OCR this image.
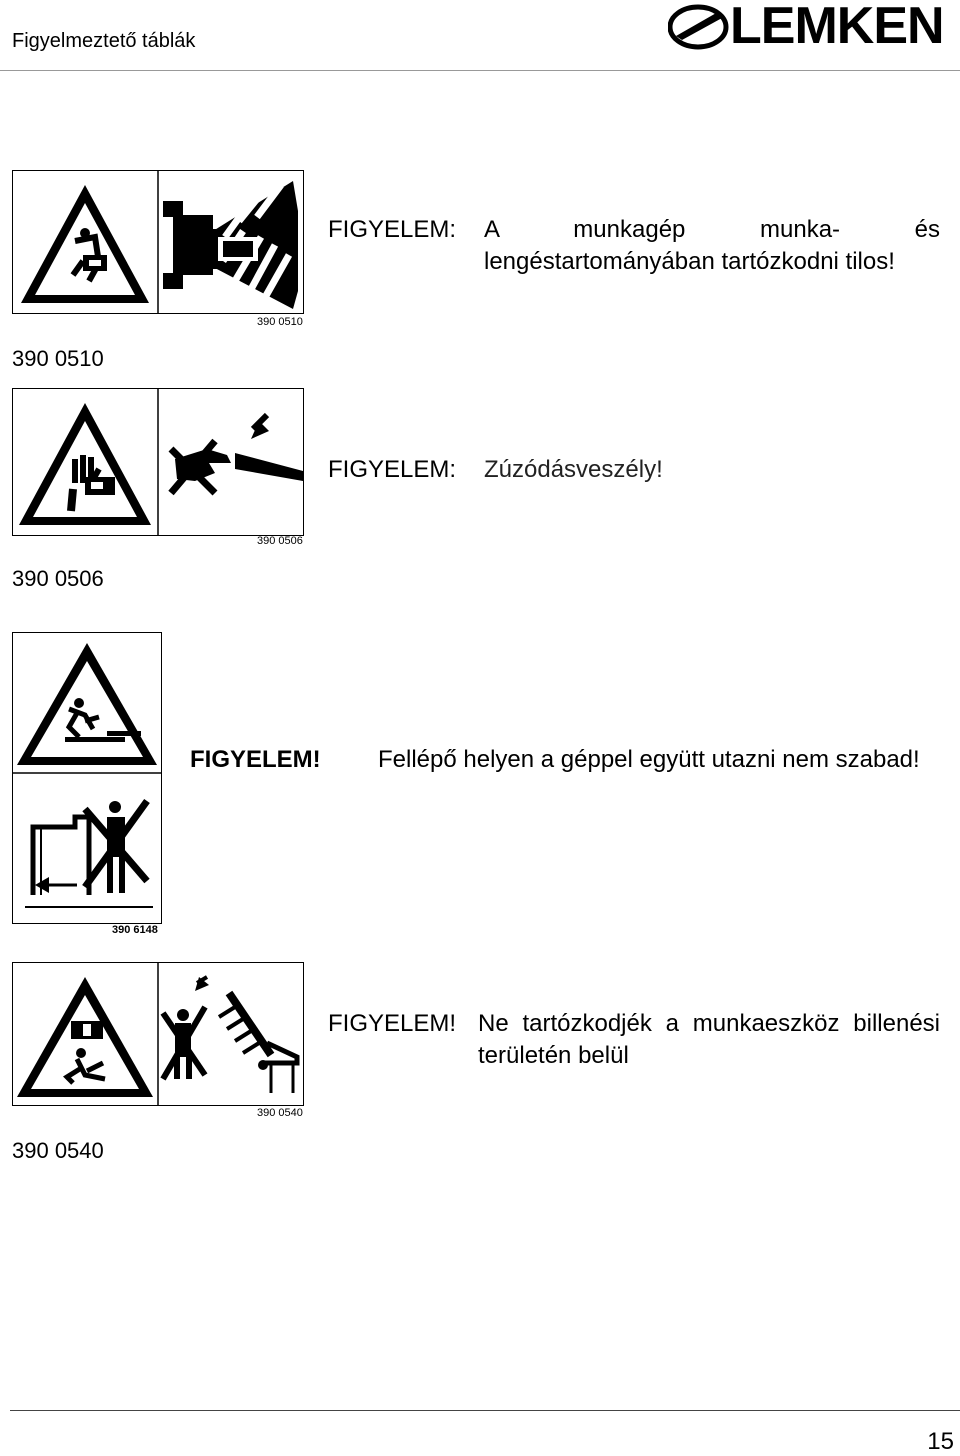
Figyelmeztető táblák	LEMKEN
390 0510
390 0510
FIGYELEM:	A munkagép munka- és lengéstartományában tartózkodni tilos!
390 0506
390 0506
FIGYELEM:	Zúzódásveszély!
390 6148
FIGYELEM!	Fellépő helyen a géppel együtt utazni nem szabad!
390 0540
390 0540
FIGYELEM! Ne tartózkodjék a munkaeszköz billenési területén belül
15
